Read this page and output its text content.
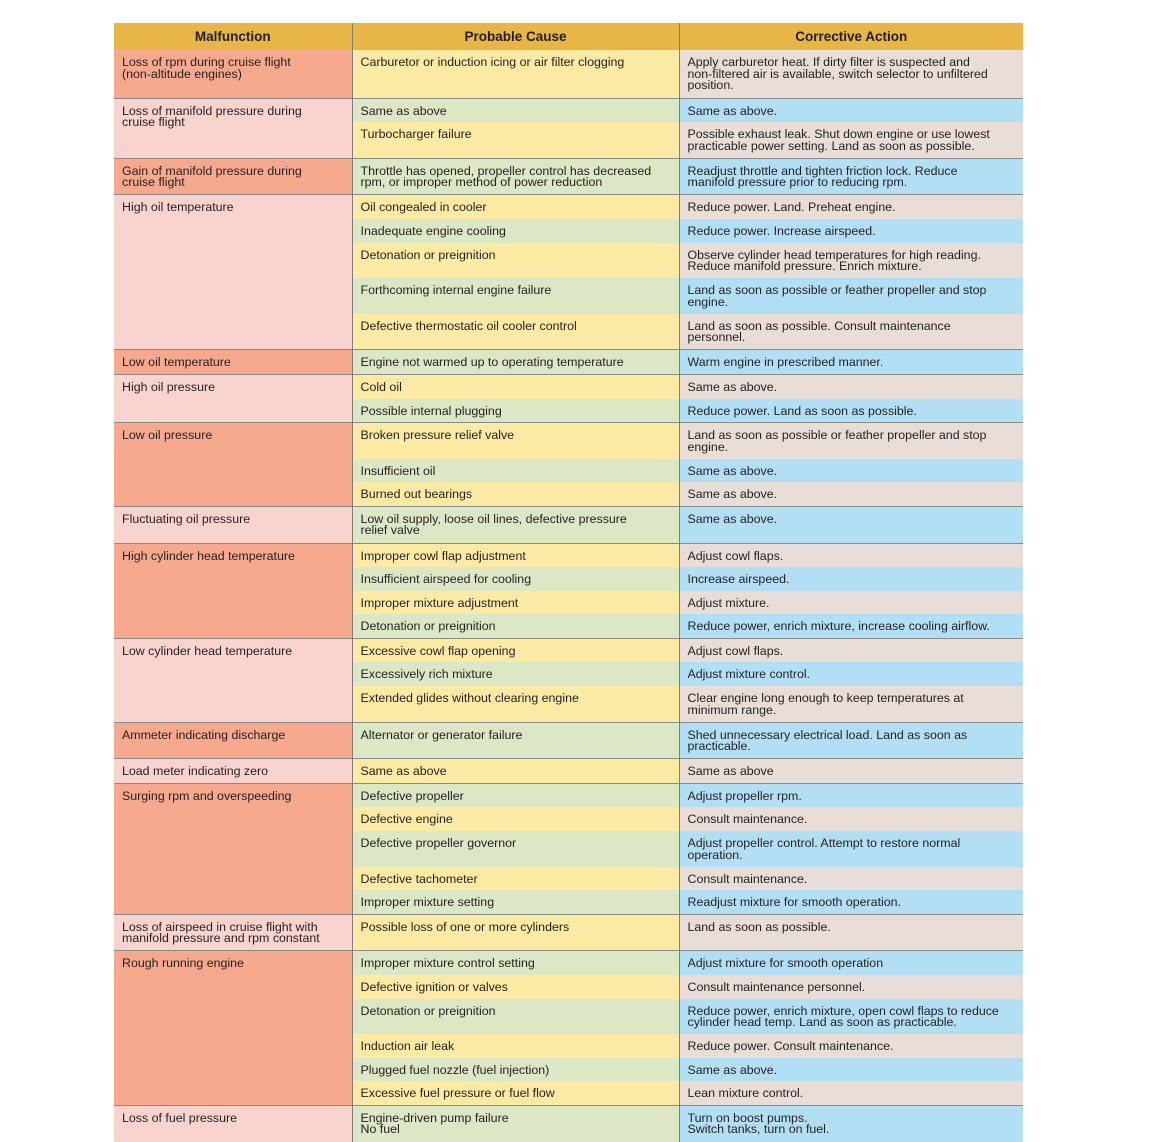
Malfunction	Probable Cause	Corrective Action
Loss of rpm during cruise flight
(non-altitude engines)	Carburetor or induction icing or air filter clogging	Apply carburetor heat. If dirty filter is suspected and
non-filtered air is available, switch selector to unfiltered
position.
Loss of manifold pressure during
cruise flight	Same as above	Same as above.
	Turbocharger failure	Possible exhaust leak. Shut down engine or use lowest
practicable power setting. Land as soon as possible.
Gain of manifold pressure during
cruise flight	Throttle has opened, propeller control has decreased
rpm, or improper method of power reduction	Readjust throttle and tighten friction lock. Reduce
manifold pressure prior to reducing rpm.
High oil temperature	Oil congealed in cooler	Reduce power. Land. Preheat engine.
	Inadequate engine cooling	Reduce power. Increase airspeed.
	Detonation or preignition	Observe cylinder head temperatures for high reading.
Reduce manifold pressure. Enrich mixture.
	Forthcoming internal engine failure	Land as soon as possible or feather propeller and stop
engine.
	Defective thermostatic oil cooler control	Land as soon as possible. Consult maintenance
personnel.
Low oil temperature	Engine not warmed up to operating temperature	Warm engine in prescribed manner.
High oil pressure	Cold oil	Same as above.
	Possible internal plugging	Reduce power. Land as soon as possible.
Low oil pressure	Broken pressure relief valve	Land as soon as possible or feather propeller and stop
engine.
	Insufficient oil	Same as above.
	Burned out bearings	Same as above.
Fluctuating oil pressure	Low oil supply, loose oil lines, defective pressure
relief valve	Same as above.
High cylinder head temperature	Improper cowl flap adjustment	Adjust cowl flaps.
	Insufficient airspeed for cooling	Increase airspeed.
	Improper mixture adjustment	Adjust mixture.
	Detonation or preignition	Reduce power, enrich mixture, increase cooling airflow.
Low cylinder head temperature	Excessive cowl flap opening	Adjust cowl flaps.
	Excessively rich mixture	Adjust mixture control.
	Extended glides without clearing engine	Clear engine long enough to keep temperatures at
minimum range.
Ammeter indicating discharge	Alternator or generator failure	Shed unnecessary electrical load. Land as soon as
practicable.
Load meter indicating zero	Same as above	Same as above
Surging rpm and overspeeding	Defective propeller	Adjust propeller rpm.
	Defective engine	Consult maintenance.
	Defective propeller governor	Adjust propeller control. Attempt to restore normal
operation.
	Defective tachometer	Consult maintenance.
	Improper mixture setting	Readjust mixture for smooth operation.
Loss of airspeed in cruise flight with
manifold pressure and rpm constant	Possible loss of one or more cylinders	Land as soon as possible.
Rough running engine	Improper mixture control setting	Adjust mixture for smooth operation
	Defective ignition or valves	Consult maintenance personnel.
	Detonation or preignition	Reduce power, enrich mixture, open cowl flaps to reduce
cylinder head temp. Land as soon as practicable.
	Induction air leak	Reduce power. Consult maintenance.
	Plugged fuel nozzle (fuel injection)	Same as above.
	Excessive fuel pressure or fuel flow	Lean mixture control.
Loss of fuel pressure	Engine-driven pump failure
No fuel	Turn on boost pumps.
Switch tanks, turn on fuel.
